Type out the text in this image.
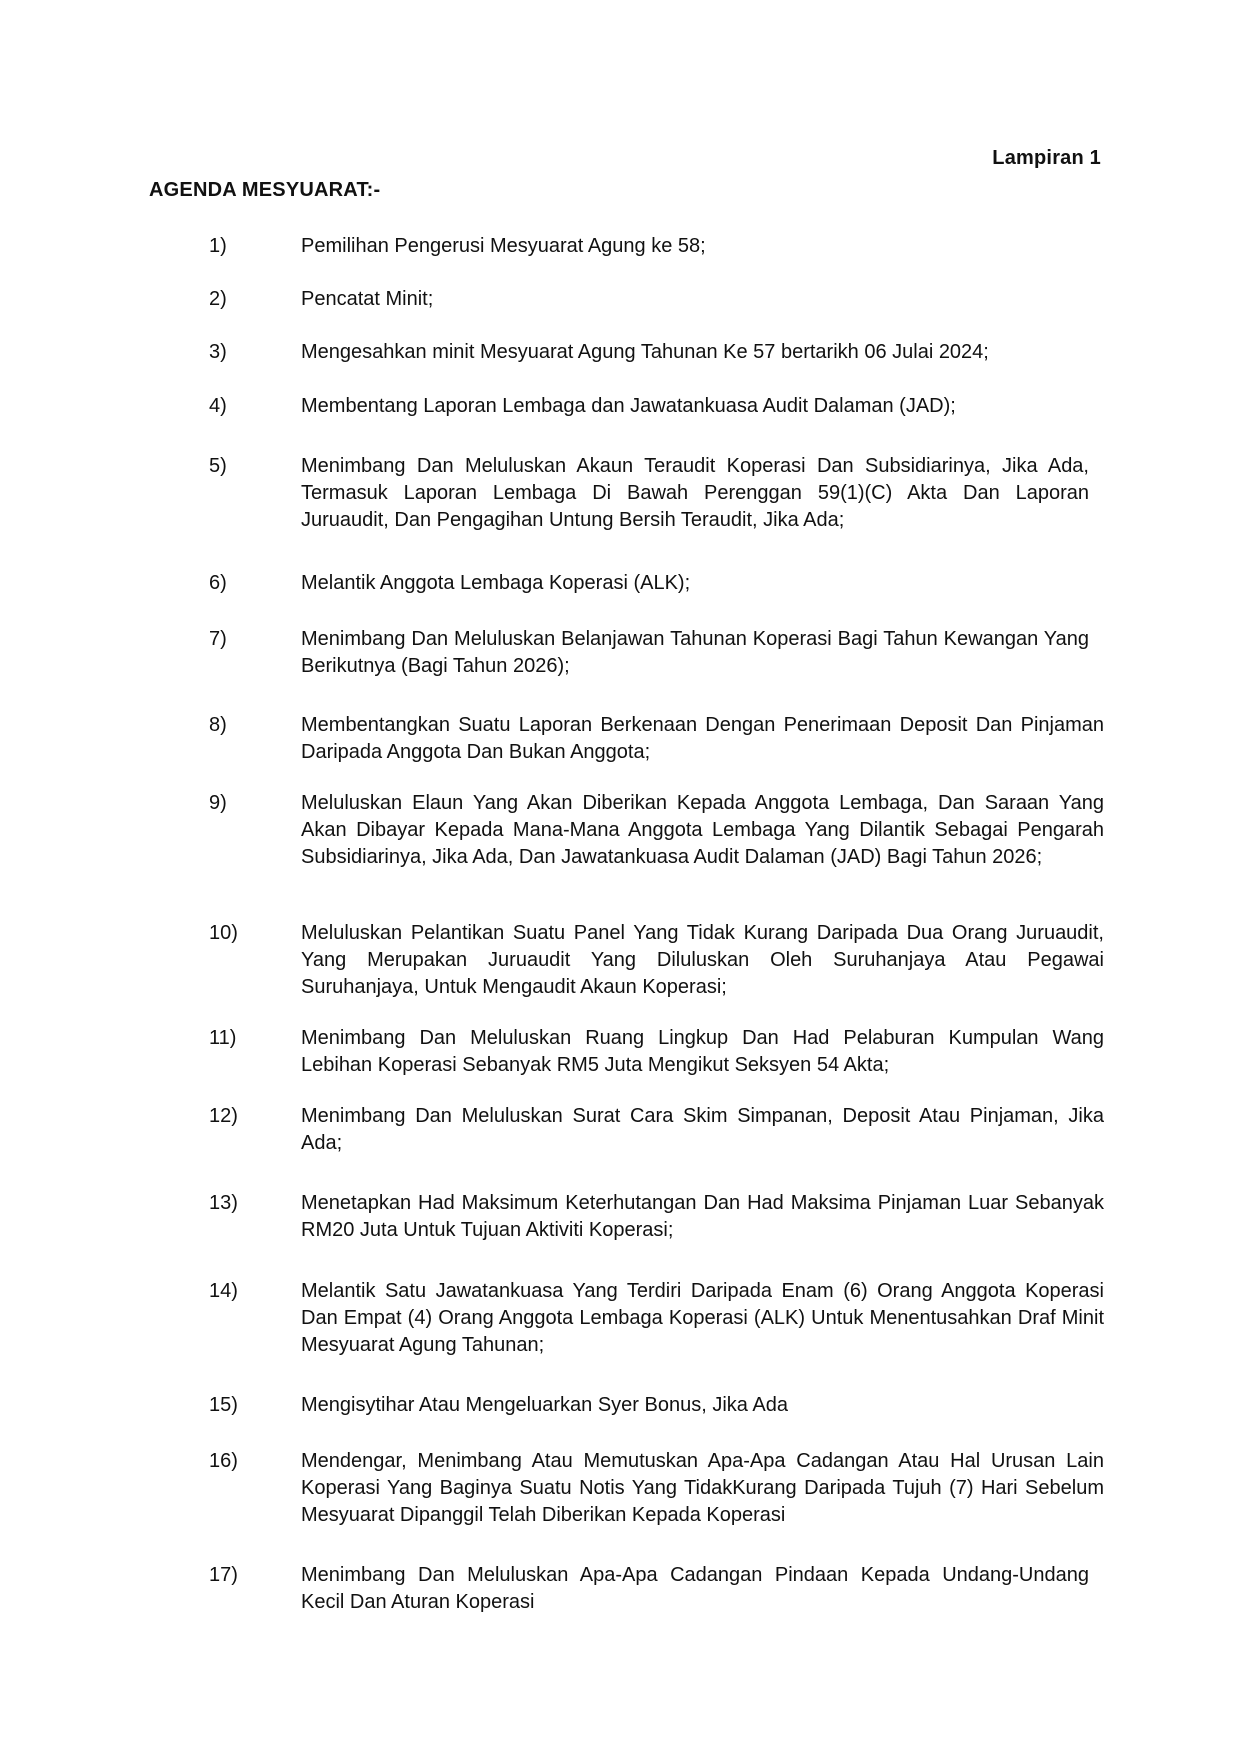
Lampiran 1
AGENDA MESYUARAT:-
1)	Pemilihan Pengerusi Mesyuarat Agung ke 58;
2)	Pencatat Minit;
3)	Mengesahkan minit Mesyuarat Agung Tahunan Ke 57 bertarikh 06 Julai 2024;
4)	Membentang Laporan Lembaga dan Jawatankuasa Audit Dalaman (JAD);
5)	Menimbang Dan Meluluskan Akaun Teraudit Koperasi Dan Subsidiarinya, Jika Ada, Termasuk Laporan Lembaga Di Bawah Perenggan 59(1)(C) Akta Dan Laporan Juruaudit, Dan Pengagihan Untung Bersih Teraudit, Jika Ada;
6)	Melantik Anggota Lembaga Koperasi (ALK);
7)	Menimbang Dan Meluluskan Belanjawan Tahunan Koperasi Bagi Tahun Kewangan Yang Berikutnya (Bagi Tahun 2026);
8)	Membentangkan Suatu Laporan Berkenaan Dengan Penerimaan Deposit Dan Pinjaman Daripada Anggota Dan Bukan Anggota;
9)	Meluluskan Elaun Yang Akan Diberikan Kepada Anggota Lembaga, Dan Saraan Yang Akan Dibayar Kepada Mana-Mana Anggota Lembaga Yang Dilantik Sebagai Pengarah Subsidiarinya, Jika Ada, Dan Jawatankuasa Audit Dalaman (JAD) Bagi Tahun 2026;
10)	Meluluskan Pelantikan Suatu Panel Yang Tidak Kurang Daripada Dua Orang Juruaudit, Yang Merupakan Juruaudit Yang Diluluskan Oleh Suruhanjaya Atau Pegawai Suruhanjaya, Untuk Mengaudit Akaun Koperasi;
11)	Menimbang Dan Meluluskan Ruang Lingkup Dan Had Pelaburan Kumpulan Wang Lebihan Koperasi Sebanyak RM5 Juta Mengikut Seksyen 54 Akta;
12)	Menimbang Dan Meluluskan Surat Cara Skim Simpanan, Deposit Atau Pinjaman, Jika Ada;
13)	Menetapkan Had Maksimum Keterhutangan Dan Had Maksima Pinjaman Luar Sebanyak RM20 Juta Untuk Tujuan Aktiviti Koperasi;
14)	Melantik Satu Jawatankuasa Yang Terdiri Daripada Enam (6) Orang Anggota Koperasi Dan Empat (4) Orang Anggota Lembaga Koperasi (ALK) Untuk Menentusahkan Draf Minit Mesyuarat Agung Tahunan;
15)	Mengisytihar Atau Mengeluarkan Syer Bonus, Jika Ada
16)	Mendengar, Menimbang Atau Memutuskan Apa-Apa Cadangan Atau Hal Urusan Lain Koperasi Yang Baginya Suatu Notis Yang TidakKurang Daripada Tujuh (7) Hari Sebelum Mesyuarat Dipanggil Telah Diberikan Kepada Koperasi
17)	Menimbang Dan Meluluskan Apa-Apa Cadangan Pindaan Kepada Undang-Undang Kecil Dan Aturan Koperasi
